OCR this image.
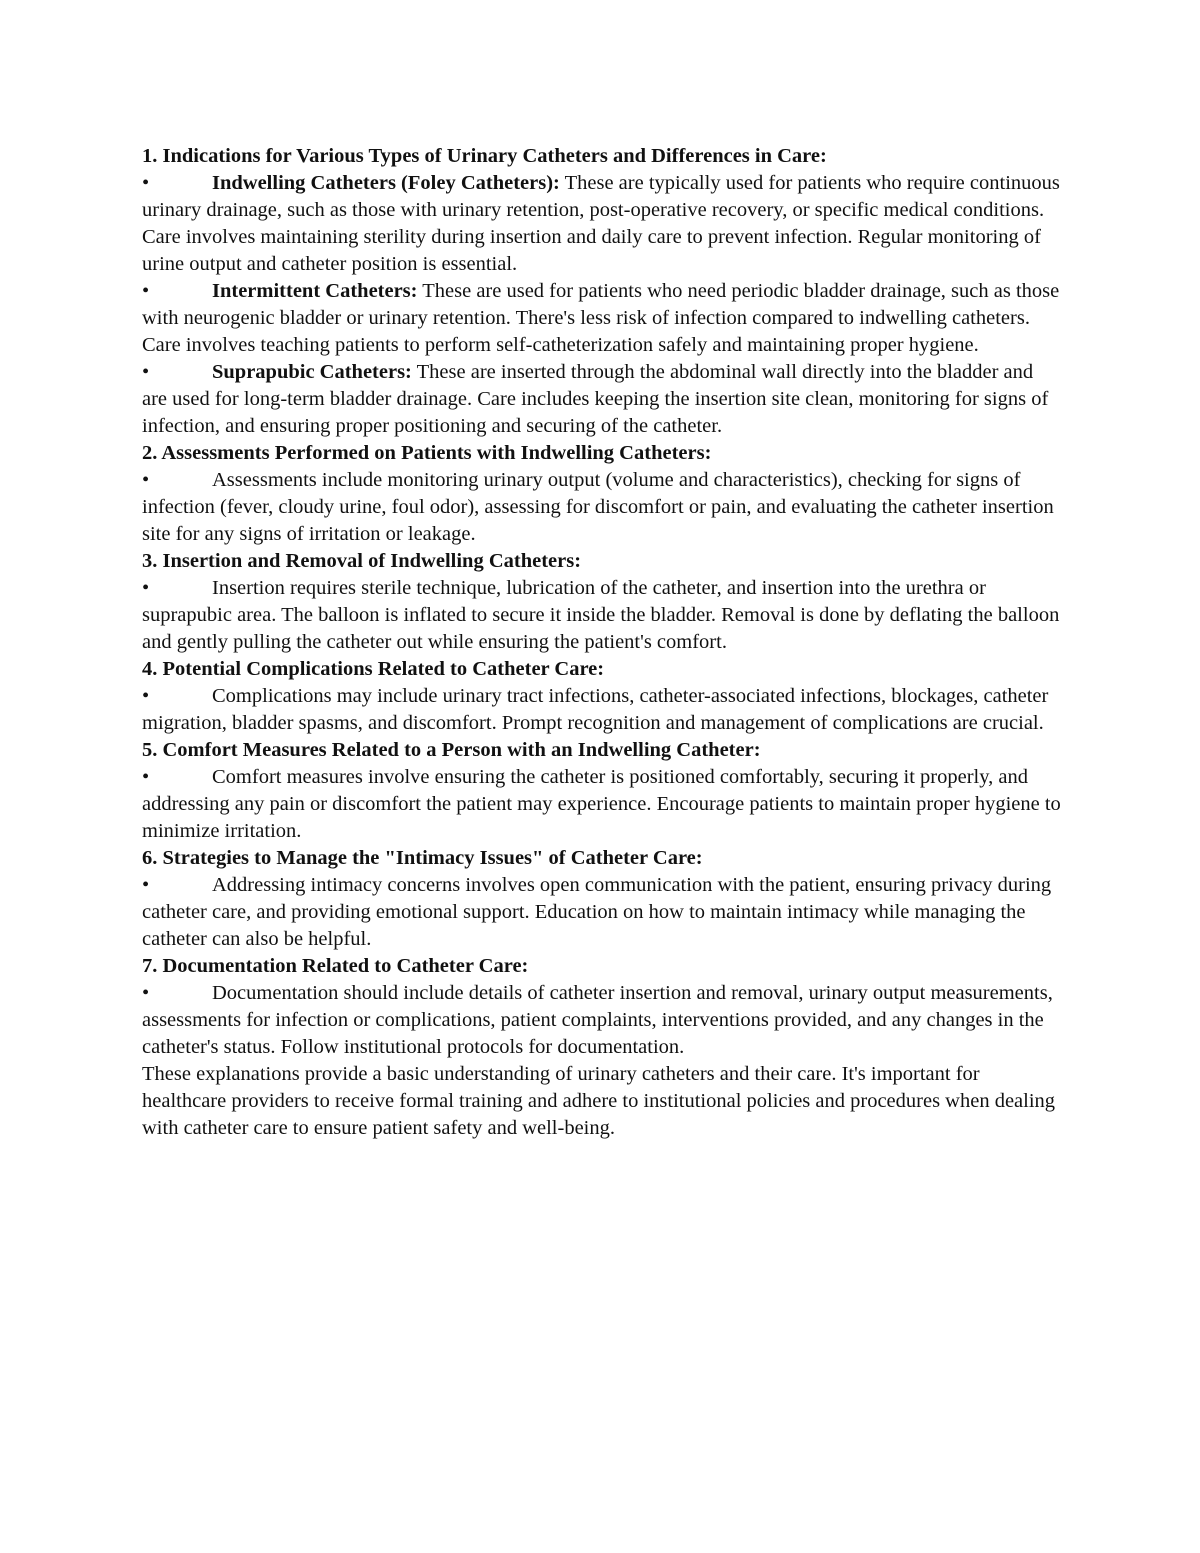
1. Indications for Various Types of Urinary Catheters and Differences in Care:

•	Indwelling Catheters (Foley Catheters): These are typically used for patients who require continuous urinary drainage, such as those with urinary retention, post-operative recovery, or specific medical conditions. Care involves maintaining sterility during insertion and daily care to prevent infection. Regular monitoring of urine output and catheter position is essential.

•	Intermittent Catheters: These are used for patients who need periodic bladder drainage, such as those with neurogenic bladder or urinary retention. There's less risk of infection compared to indwelling catheters. Care involves teaching patients to perform self-catheterization safely and maintaining proper hygiene.

•	Suprapubic Catheters: These are inserted through the abdominal wall directly into the bladder and are used for long-term bladder drainage. Care includes keeping the insertion site clean, monitoring for signs of infection, and ensuring proper positioning and securing of the catheter.

2. Assessments Performed on Patients with Indwelling Catheters:

•	Assessments include monitoring urinary output (volume and characteristics), checking for signs of infection (fever, cloudy urine, foul odor), assessing for discomfort or pain, and evaluating the catheter insertion site for any signs of irritation or leakage.

3. Insertion and Removal of Indwelling Catheters:

•	Insertion requires sterile technique, lubrication of the catheter, and insertion into the urethra or suprapubic area. The balloon is inflated to secure it inside the bladder. Removal is done by deflating the balloon and gently pulling the catheter out while ensuring the patient's comfort.

4. Potential Complications Related to Catheter Care:

•	Complications may include urinary tract infections, catheter-associated infections, blockages, catheter migration, bladder spasms, and discomfort. Prompt recognition and management of complications are crucial.

5. Comfort Measures Related to a Person with an Indwelling Catheter:

•	Comfort measures involve ensuring the catheter is positioned comfortably, securing it properly, and addressing any pain or discomfort the patient may experience. Encourage patients to maintain proper hygiene to minimize irritation.

6. Strategies to Manage the "Intimacy Issues" of Catheter Care:

•	Addressing intimacy concerns involves open communication with the patient, ensuring privacy during catheter care, and providing emotional support. Education on how to maintain intimacy while managing the catheter can also be helpful.

7. Documentation Related to Catheter Care:

•	Documentation should include details of catheter insertion and removal, urinary output measurements, assessments for infection or complications, patient complaints, interventions provided, and any changes in the catheter's status. Follow institutional protocols for documentation.

These explanations provide a basic understanding of urinary catheters and their care. It's important for healthcare providers to receive formal training and adhere to institutional policies and procedures when dealing with catheter care to ensure patient safety and well-being.
